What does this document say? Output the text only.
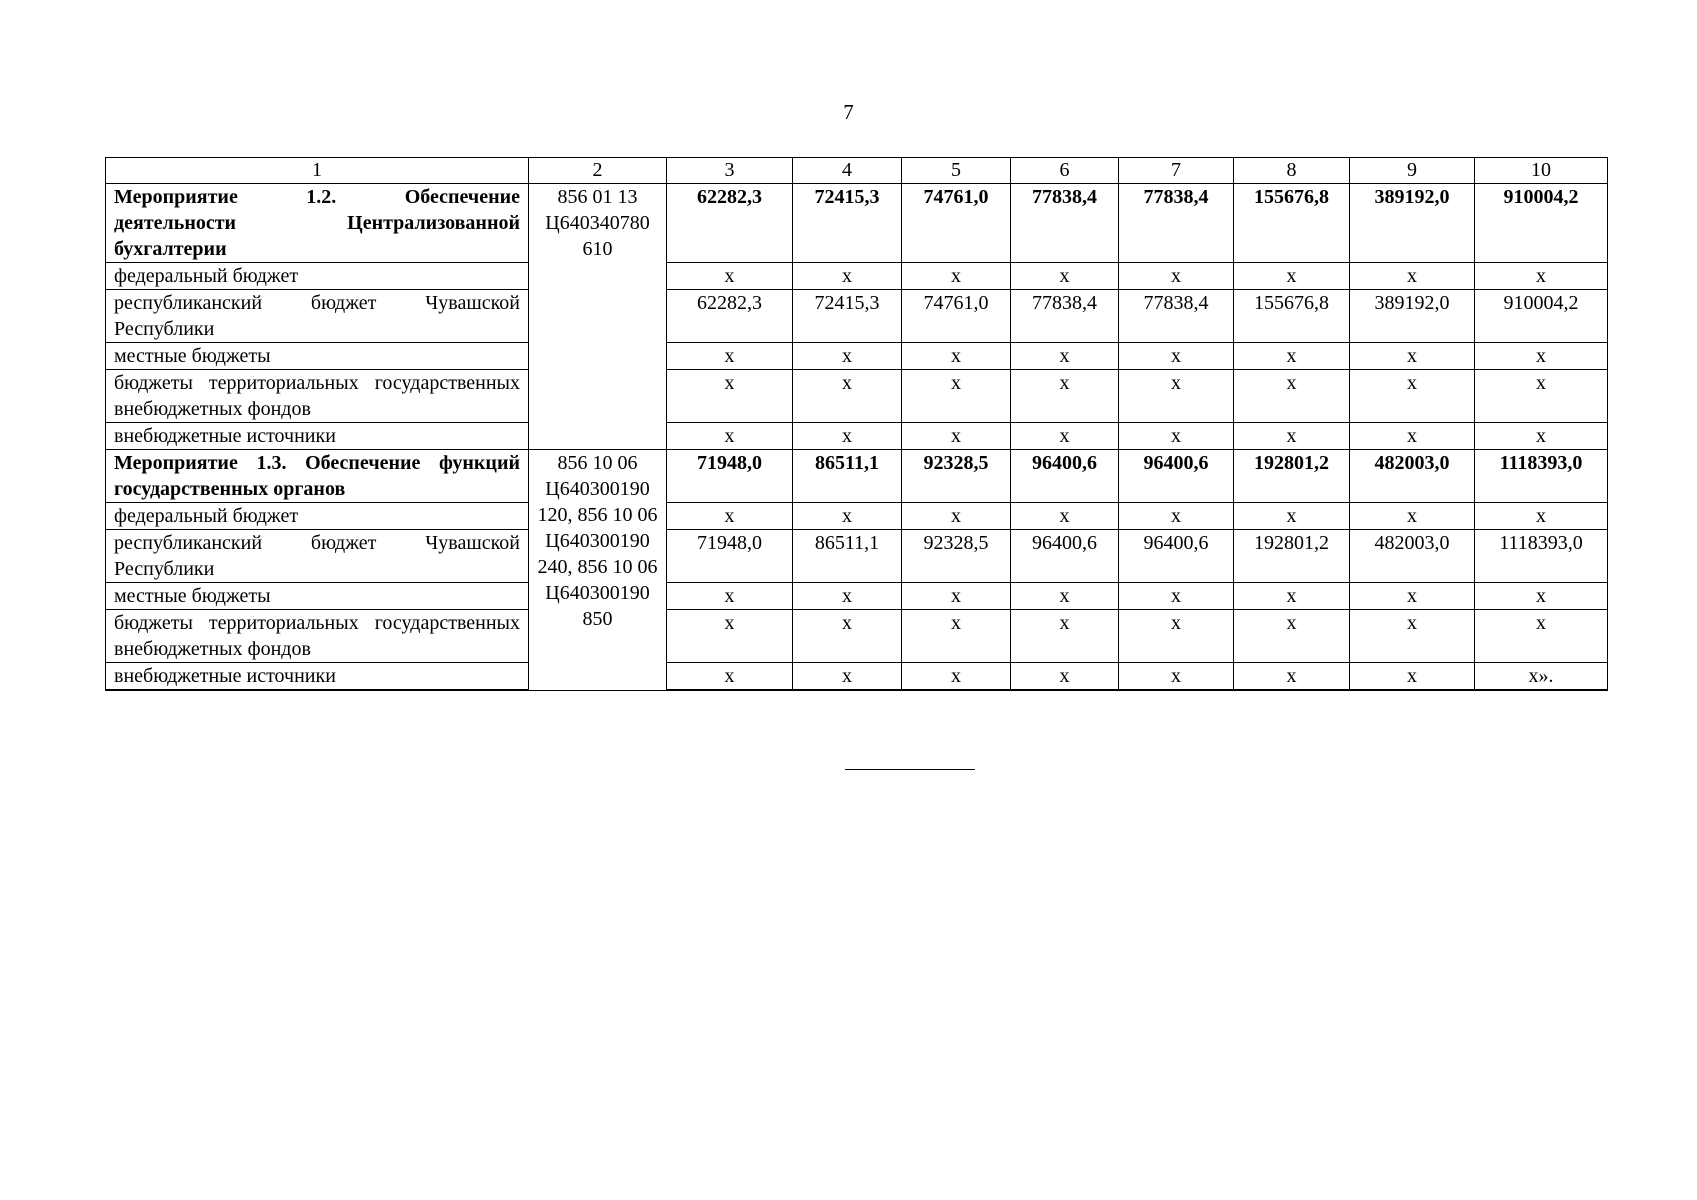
7
1	2	3	4	5	6	7	8	9	10
Мероприятие 1.2. Обеспечение деятельности Централизованной бухгалтерии	856 01 13 Ц640340780 610	62282,3	72415,3	74761,0	77838,4	77838,4	155676,8	389192,0	910004,2
федеральный бюджет		x	x	x	x	x	x	x	x
республиканский бюджет Чувашской Республики		62282,3	72415,3	74761,0	77838,4	77838,4	155676,8	389192,0	910004,2
местные бюджеты		x	x	x	x	x	x	x	x
бюджеты территориальных государственных внебюджетных фондов		x	x	x	x	x	x	x	x
внебюджетные источники		x	x	x	x	x	x	x	x
Мероприятие 1.3. Обеспечение функций государственных органов	856 10 06 Ц640300190 120, 856 10 06 Ц640300190 240, 856 10 06 Ц640300190 850	71948,0	86511,1	92328,5	96400,6	96400,6	192801,2	482003,0	1118393,0
федеральный бюджет		x	x	x	x	x	x	x	x
республиканский бюджет Чувашской Республики		71948,0	86511,1	92328,5	96400,6	96400,6	192801,2	482003,0	1118393,0
местные бюджеты		x	x	x	x	x	x	x	x
бюджеты территориальных государственных внебюджетных фондов		x	x	x	x	x	x	x	x
внебюджетные источники		x	x	x	x	x	x	x	x».
